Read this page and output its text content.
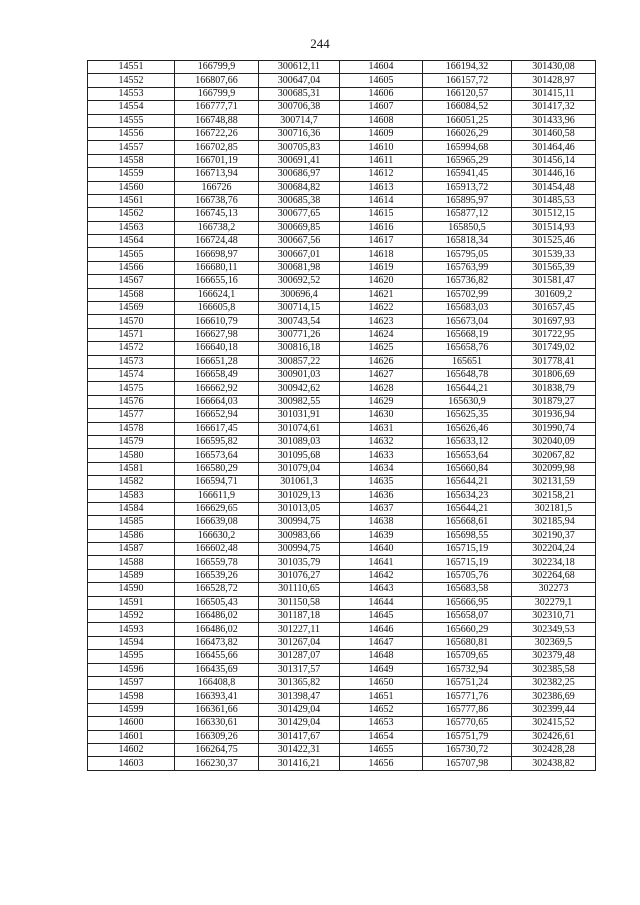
244
14551	166799,9	300612,11	14604	166194,32	301430,08
14552	166807,66	300647,04	14605	166157,72	301428,97
14553	166799,9	300685,31	14606	166120,57	301415,11
14554	166777,71	300706,38	14607	166084,52	301417,32
14555	166748,88	300714,7	14608	166051,25	301433,96
14556	166722,26	300716,36	14609	166026,29	301460,58
14557	166702,85	300705,83	14610	165994,68	301464,46
14558	166701,19	300691,41	14611	165965,29	301456,14
14559	166713,94	300686,97	14612	165941,45	301446,16
14560	166726	300684,82	14613	165913,72	301454,48
14561	166738,76	300685,38	14614	165895,97	301485,53
14562	166745,13	300677,65	14615	165877,12	301512,15
14563	166738,2	300669,85	14616	165850,5	301514,93
14564	166724,48	300667,56	14617	165818,34	301525,46
14565	166698,97	300667,01	14618	165795,05	301539,33
14566	166680,11	300681,98	14619	165763,99	301565,39
14567	166655,16	300692,52	14620	165736,82	301581,47
14568	166624,1	300696,4	14621	165702,99	301609,2
14569	166605,8	300714,15	14622	165683,03	301657,45
14570	166610,79	300743,54	14623	165673,04	301697,93
14571	166627,98	300771,26	14624	165668,19	301722,95
14572	166640,18	300816,18	14625	165658,76	301749,02
14573	166651,28	300857,22	14626	165651	301778,41
14574	166658,49	300901,03	14627	165648,78	301806,69
14575	166662,92	300942,62	14628	165644,21	301838,79
14576	166664,03	300982,55	14629	165630,9	301879,27
14577	166652,94	301031,91	14630	165625,35	301936,94
14578	166617,45	301074,61	14631	165626,46	301990,74
14579	166595,82	301089,03	14632	165633,12	302040,09
14580	166573,64	301095,68	14633	165653,64	302067,82
14581	166580,29	301079,04	14634	165660,84	302099,98
14582	166594,71	301061,3	14635	165644,21	302131,59
14583	166611,9	301029,13	14636	165634,23	302158,21
14584	166629,65	301013,05	14637	165644,21	302181,5
14585	166639,08	300994,75	14638	165668,61	302185,94
14586	166630,2	300983,66	14639	165698,55	302190,37
14587	166602,48	300994,75	14640	165715,19	302204,24
14588	166559,78	301035,79	14641	165715,19	302234,18
14589	166539,26	301076,27	14642	165705,76	302264,68
14590	166528,72	301110,65	14643	165683,58	302273
14591	166505,43	301150,58	14644	165666,95	302279,1
14592	166486,02	301187,18	14645	165658,07	302310,71
14593	166486,02	301227,11	14646	165660,29	302349,53
14594	166473,82	301267,04	14647	165680,81	302369,5
14595	166455,66	301287,07	14648	165709,65	302379,48
14596	166435,69	301317,57	14649	165732,94	302385,58
14597	166408,8	301365,82	14650	165751,24	302382,25
14598	166393,41	301398,47	14651	165771,76	302386,69
14599	166361,66	301429,04	14652	165777,86	302399,44
14600	166330,61	301429,04	14653	165770,65	302415,52
14601	166309,26	301417,67	14654	165751,79	302426,61
14602	166264,75	301422,31	14655	165730,72	302428,28
14603	166230,37	301416,21	14656	165707,98	302438,82
